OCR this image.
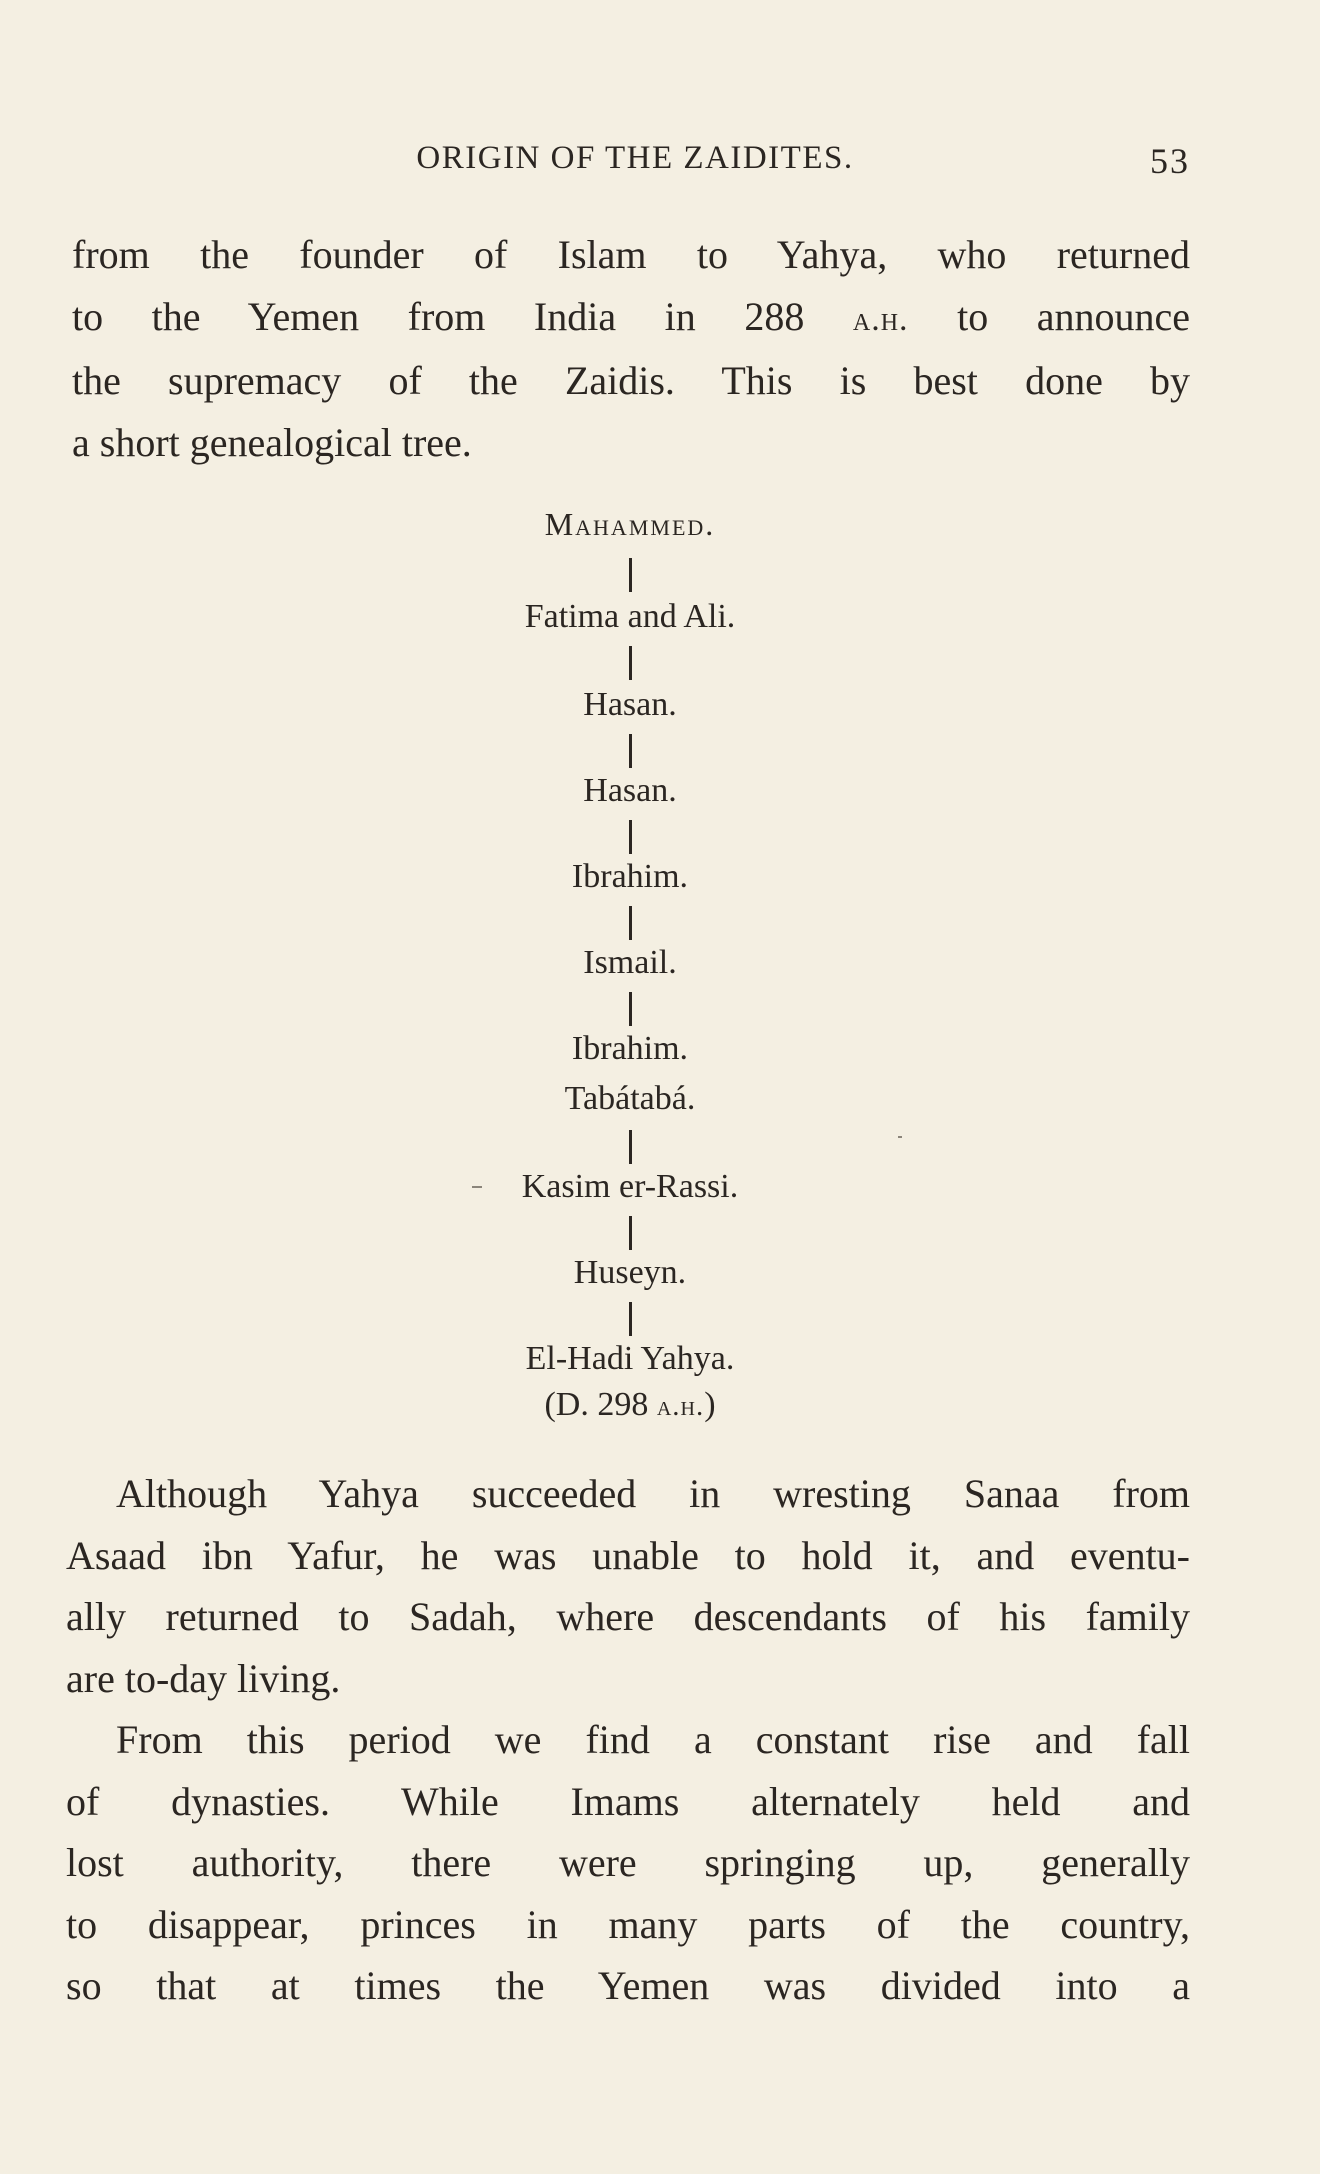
ORIGIN OF THE ZAIDITES.	53

from the founder of Islam to Yahya, who returned
to the Yemen from India in 288 a.h. to announce
the supremacy of the Zaidis. This is best done by
a short genealogical tree.

Mahammed.
Fatima and Ali.
Hasan.
Hasan.
Ibrahim.
Ismail.
Ibrahim.
Tabátabá.
Kasim er-Rassi.
Huseyn.
El-Hadi Yahya.
(D. 298 a.h.)

Although Yahya succeeded in wresting Sanaa from
Asaad ibn Yafur, he was unable to hold it, and eventu-
ally returned to Sadah, where descendants of his family
are to-day living.

From this period we find a constant rise and fall
of dynasties. While Imams alternately held and
lost authority, there were springing up, generally
to disappear, princes in many parts of the country,
so that at times the Yemen was divided into a
